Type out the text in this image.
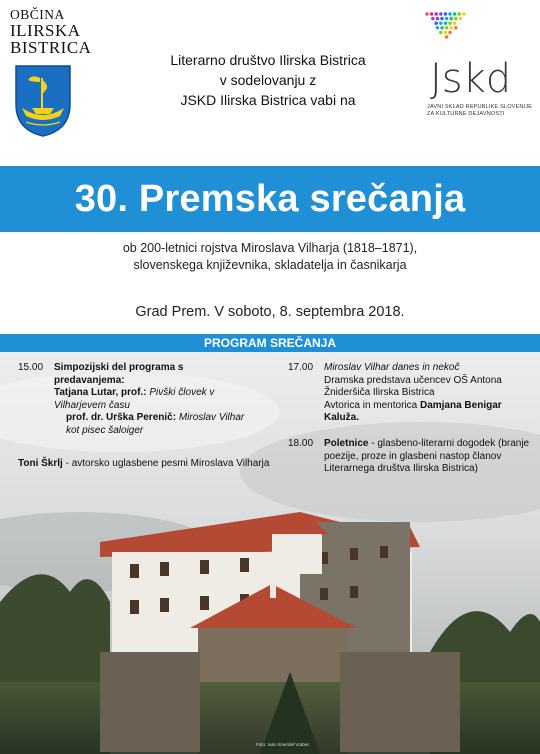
OBČINA
ILIRSKA
BISTRICA
Literarno društvo Ilirska Bistrica
v sodelovanju z
JSKD Ilirska Bistrica vabi na	Jskd
JAVNI SKLAD REPUBLIKE SLOVENIJE
ZA KULTURNE DEJAVNOSTI
30. Premska srečanja
ob 200-letnici rojstva Miroslava Vilharja (1818–1871),
slovenskega književnika, skladatelja in časnikarja
Grad Prem. V soboto, 8. septembra 2018.
PROGRAM SREČANJA
15.00 Simpozijski del programa s
predavanjema:
Tatjana Lutar, prof.: Pivški človek v
Vilharjevem času
prof. dr. Urška Perenič: Miroslav Vilhar
kot pisec šaloiger
Toni Škrlj - avtorsko uglasbene pesmi Miroslava Vilharja
17.00 Miroslav Vilhar danes in nekoč
Dramska predstava učencev OŠ Antona
Žnideršiča Ilirska Bistrica
Avtorica in mentorica Damjana Benigar
Kaluža.
18.00 Poletnice - glasbeno-literarni dogodek (branje
poezije, proze in glasbeni nastop članov
Literarnega društva Ilirska Bistrica)
Foto: Ivan Smerdel Vrabec
